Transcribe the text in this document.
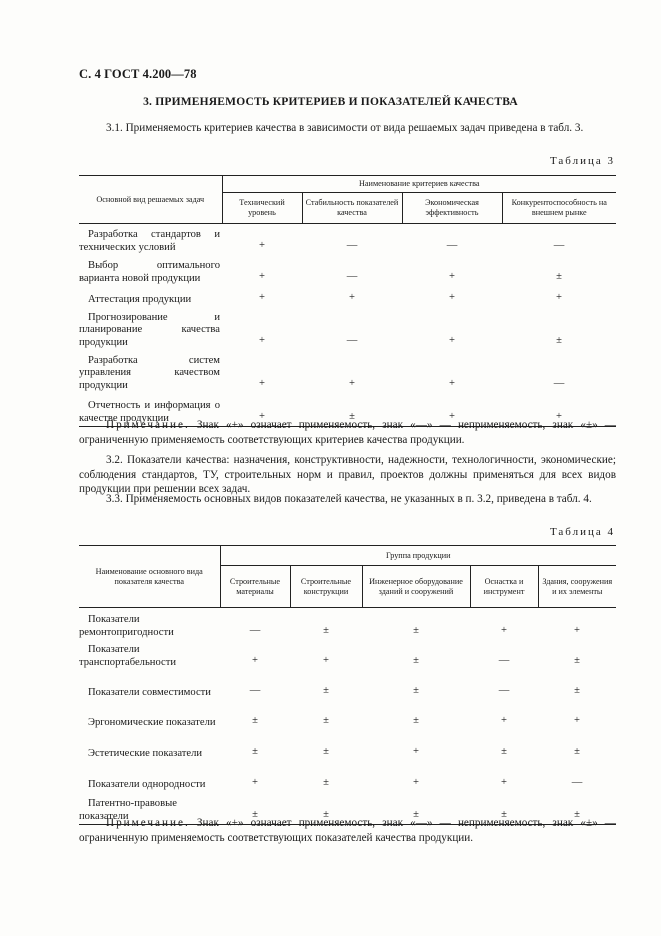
С. 4 ГОСТ 4.200—78
3. ПРИМЕНЯЕМОСТЬ КРИТЕРИЕВ И ПОКАЗАТЕЛЕЙ КАЧЕСТВА
3.1. Применяемость критериев качества в зависимости от вида решаемых задач приведена в табл. 3.
Таблица 3
Основной вид решаемых задач	Наименование критериев качества			
	Технический уровень	Стабильность показателей качества	Экономическая эффективность	Конкурентоспособность на внешнем рынке
Разработка стандартов и технических условий	+	—	—	—
Выбор оптимального варианта новой продукции	+	—	+	±
Аттестация продукции	+	+	+	+
Прогнозирование и планирование качества продукции	+	—	+	±
Разработка систем управления качеством продукции	+	+	+	—
Отчетность и информация о качестве продукции	+	±	+	+
Примечание. Знак «+» означает применяемость, знак «—» — неприменяемость, знак «±» — ограниченную применяемость соответствующих критериев качества продукции.
3.2. Показатели качества: назначения, конструктивности, надежности, технологичности, экономические; соблюдения стандартов, ТУ, строительных норм и правил, проектов должны применяться для всех видов продукции при решении всех задач.
3.3. Применяемость основных видов показателей качества, не указанных в п. 3.2, приведена в табл. 4.
Таблица 4
Наименование основного вида показателя качества	Группа продукции				
	Строительные материалы	Строительные конструкции	Инженерное оборудование зданий и сооружений	Оснастка и инструмент	Здания, сооружения и их элементы
Показатели ремонтопригодности	—	±	±	+	+
Показатели транспортабельности	+	+	±	—	±
Показатели совместимости	—	±	±	—	±
Эргономические показатели	±	±	±	+	+
Эстетические показатели	±	±	+	±	±
Показатели однородности	+	±	+	+	—
Патентно-правовые показатели	±	±	±	±	±
Примечание. Знак «+» означает применяемость, знак «—» — неприменяемость, знак «±» — ограниченную применяемость соответствующих показателей качества продукции.
